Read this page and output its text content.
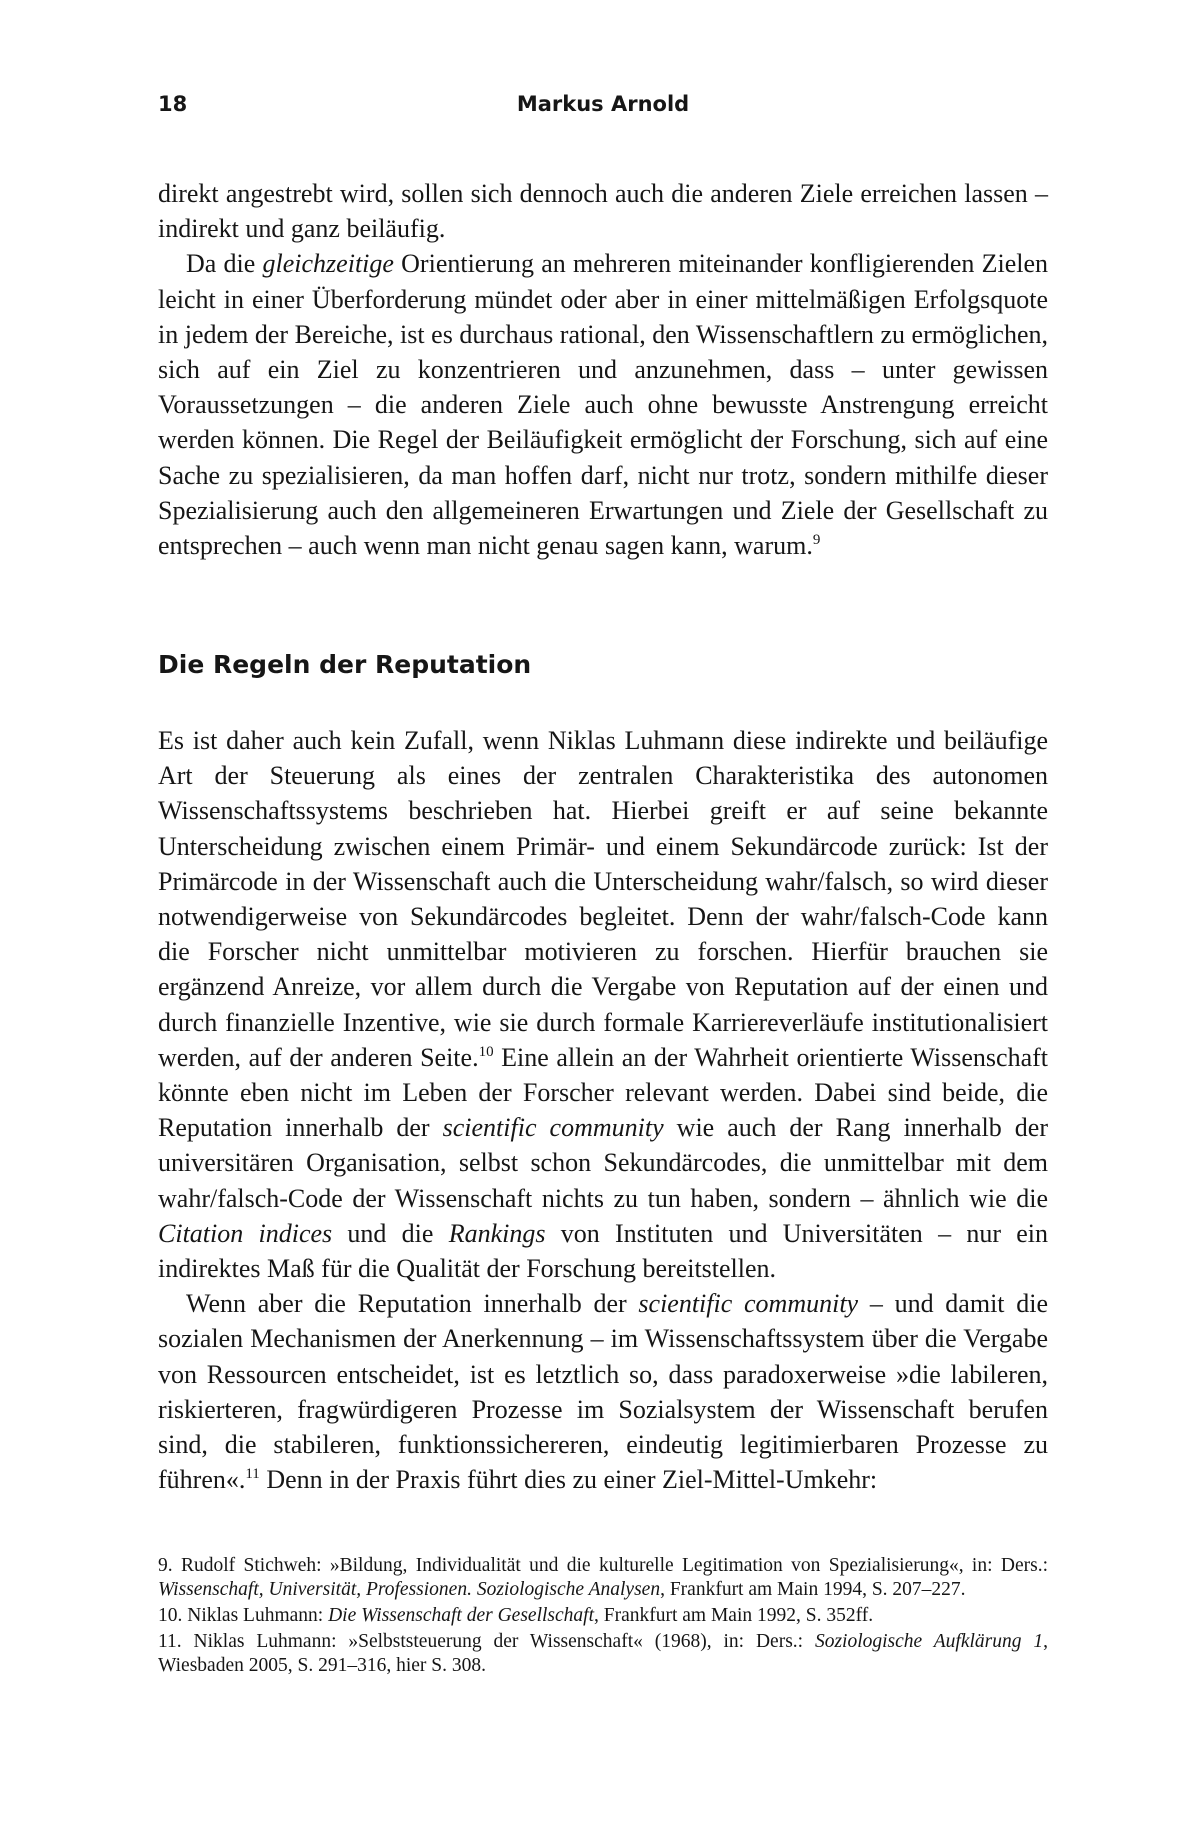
18	Markus Arnold

direkt angestrebt wird, sollen sich dennoch auch die anderen Ziele erreichen lassen – indirekt und ganz beiläufig.

Da die gleichzeitige Orientierung an mehreren miteinander konfligierenden Zielen leicht in einer Überforderung mündet oder aber in einer mittelmäßigen Erfolgsquote in jedem der Bereiche, ist es durchaus rational, den Wissenschaftlern zu ermöglichen, sich auf ein Ziel zu konzentrieren und anzunehmen, dass – unter gewissen Voraussetzungen – die anderen Ziele auch ohne bewusste Anstrengung erreicht werden können. Die Regel der Beiläufigkeit ermöglicht der Forschung, sich auf eine Sache zu spezialisieren, da man hoffen darf, nicht nur trotz, sondern mithilfe dieser Spezialisierung auch den allgemeineren Erwartungen und Ziele der Gesellschaft zu entsprechen – auch wenn man nicht genau sagen kann, warum.$^9$

Die Regeln der Reputation

Es ist daher auch kein Zufall, wenn Niklas Luhmann diese indirekte und beiläufige Art der Steuerung als eines der zentralen Charakteristika des autonomen Wissenschaftssystems beschrieben hat. Hierbei greift er auf seine bekannte Unterscheidung zwischen einem Primär- und einem Sekundärcode zurück: Ist der Primärcode in der Wissenschaft auch die Unterscheidung wahr/falsch, so wird dieser notwendigerweise von Sekundärcodes begleitet. Denn der wahr/falsch-Code kann die Forscher nicht unmittelbar motivieren zu forschen. Hierfür brauchen sie ergänzend Anreize, vor allem durch die Vergabe von Reputation auf der einen und durch finanzielle Inzentive, wie sie durch formale Karriereverläufe institutionalisiert werden, auf der anderen Seite.$^{10}$ Eine allein an der Wahrheit orientierte Wissenschaft könnte eben nicht im Leben der Forscher relevant werden. Dabei sind beide, die Reputation innerhalb der scientific community wie auch der Rang innerhalb der universitären Organisation, selbst schon Sekundärcodes, die unmittelbar mit dem wahr/falsch-Code der Wissenschaft nichts zu tun haben, sondern – ähnlich wie die Citation indices und die Rankings von Instituten und Universitäten – nur ein indirektes Maß für die Qualität der Forschung bereitstellen.

Wenn aber die Reputation innerhalb der scientific community – und damit die sozialen Mechanismen der Anerkennung – im Wissenschaftssystem über die Vergabe von Ressourcen entscheidet, ist es letztlich so, dass paradoxerweise »die labileren, riskierteren, fragwürdigeren Prozesse im Sozialsystem der Wissenschaft berufen sind, die stabileren, funktionssichereren, eindeutig legitimierbaren Prozesse zu führen«.$^{11}$ Denn in der Praxis führt dies zu einer Ziel-Mittel-Umkehr:

9. Rudolf Stichweh: »Bildung, Individualität und die kulturelle Legitimation von Spezialisierung«, in: Ders.: Wissenschaft, Universität, Professionen. Soziologische Analysen, Frankfurt am Main 1994, S. 207–227.

10. Niklas Luhmann: Die Wissenschaft der Gesellschaft, Frankfurt am Main 1992, S. 352ff.

11. Niklas Luhmann: »Selbststeuerung der Wissenschaft« (1968), in: Ders.: Soziologische Aufklärung 1, Wiesbaden 2005, S. 291–316, hier S. 308.
